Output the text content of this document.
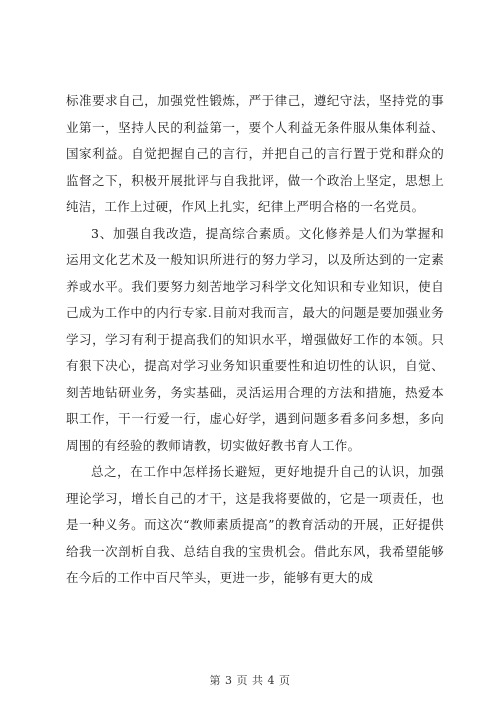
标准要求自己，加强党性锻炼，严于律己，遵纪守法，坚持党的事业第一，坚持人民的利益第一，要个人利益无条件服从集体利益、国家利益。自觉把握自己的言行，并把自己的言行置于党和群众的监督之下，积极开展批评与自我批评，做一个政治上坚定，思想上纯洁，工作上过硬，作风上扎实，纪律上严明合格的一名党员。

3、加强自我改造，提高综合素质。文化修养是人们为掌握和运用文化艺术及一般知识所进行的努力学习，以及所达到的一定素养或水平。我们要努力刻苦地学习科学文化知识和专业知识，使自己成为工作中的内行专家.目前对我而言，最大的问题是要加强业务学习，学习有利于提高我们的知识水平，增强做好工作的本领。只有狠下决心，提高对学习业务知识重要性和迫切性的认识，自觉、刻苦地钻研业务，务实基础，灵活运用合理的方法和措施，热爱本职工作，干一行爱一行，虚心好学，遇到问题多看多问多想，多向周围的有经验的教师请教，切实做好教书育人工作。

总之，在工作中怎样扬长避短，更好地提升自己的认识，加强理论学习，增长自己的才干，这是我将要做的，它是一项责任，也是一种义务。而这次“教师素质提高”的教育活动的开展，正好提供给我一次剖析自我、总结自我的宝贵机会。借此东风，我希望能够在今后的工作中百尺竿头，更进一步，能够有更大的成

第 3 页 共 4 页
